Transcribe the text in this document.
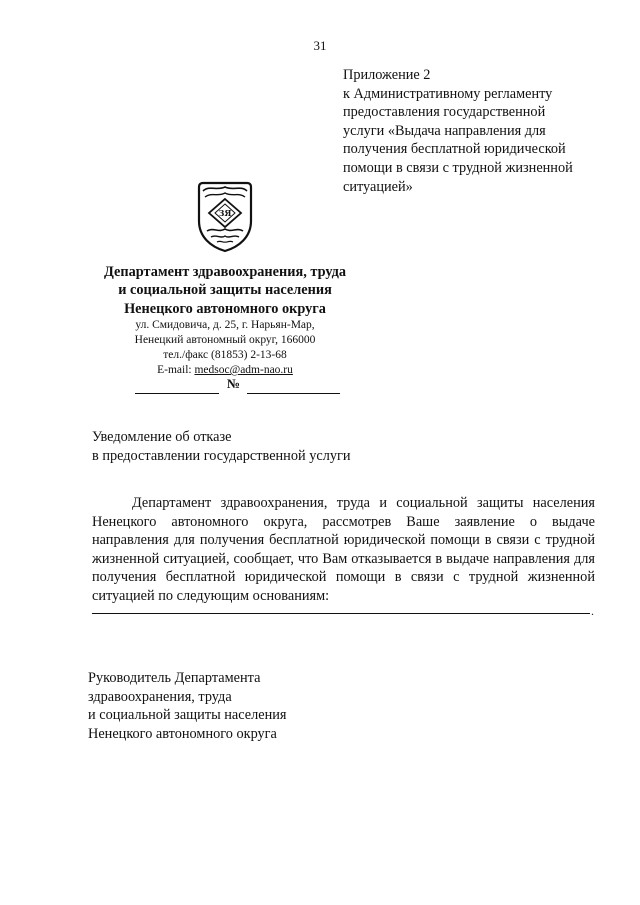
31
Приложение 2
к Административному регламенту
предоставления государственной
услуги «Выдача направления для
получения бесплатной юридической
помощи в связи с трудной жизненной
ситуацией»
ЗЯ
Департамент здравоохранения, труда
и социальной защиты населения
Ненецкого автономного округа
ул. Смидовича, д. 25, г. Нарьян-Мар,
Ненецкий автономный округ, 166000
тел./факс (81853) 2-13-68
E-mail: medsoc@adm-nao.ru
№
Уведомление об отказе
в предоставлении государственной услуги
Департамент здравоохранения, труда и социальной защиты населения Ненецкого автономного округа, рассмотрев Ваше заявление о выдаче направления для получения бесплатной юридической помощи в связи с трудной жизненной ситуацией, сообщает, что Вам отказывается в выдаче направления для получения бесплатной юридической помощи в связи с трудной жизненной ситуацией по следующим основаниям:
.
Руководитель Департамента
здравоохранения, труда
и социальной защиты населения
Ненецкого автономного округа
